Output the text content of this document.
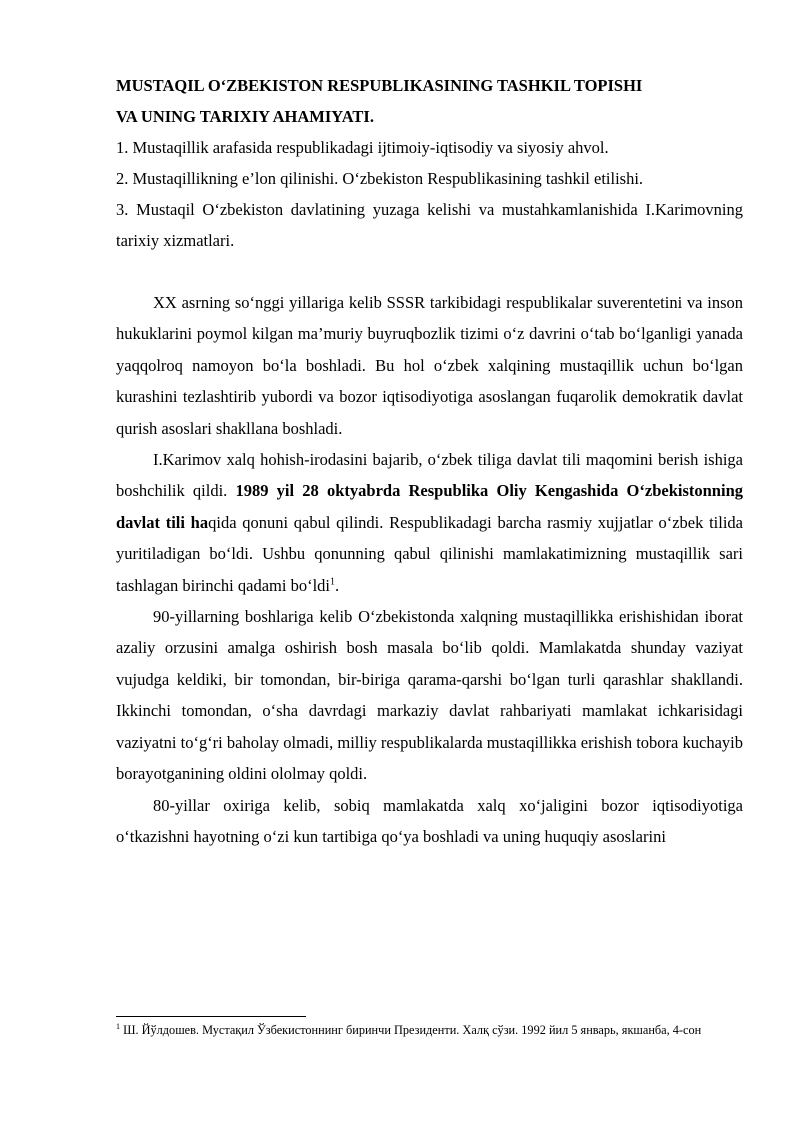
MUSTAQIL O‘ZBEKISTON RESPUBLIKASINING TASHKIL TOPISHI

VA UNING TARIXIY AHAMIYATI.

1. Mustaqillik arafasida respublikadagi ijtimoiy-iqtisodiy va siyosiy ahvol.

2. Mustaqillikning e’lon qilinishi. O‘zbekiston Respublikasining tashkil etilishi.

3. Mustaqil O‘zbekiston davlatining yuzaga kelishi va mustahkamlanishida I.Karimovning tarixiy xizmatlari.

XX asrning so‘nggi yillariga kelib SSSR tarkibidagi respublikalar suverentetini va inson hukuklarini poymol kilgan ma’muriy buyruqbozlik tizimi o‘z davrini o‘tab bo‘lganligi yanada yaqqolroq namoyon bo‘la boshladi. Bu hol o‘zbek xalqining mustaqillik uchun bo‘lgan kurashini tezlashtirib yubordi va bozor iqtisodiyotiga asoslangan fuqarolik demokratik davlat qurish asoslari shakllana boshladi.

I.Karimov xalq hohish-irodasini bajarib, o‘zbek tiliga davlat tili maqomini berish ishiga boshchilik qildi. 1989 yil 28 oktyabrda Respublika Oliy Kengashida O‘zbekistonning davlat tili haqida qonuni qabul qilindi. Respublikadagi barcha rasmiy xujjatlar o‘zbek tilida yuritiladigan bo‘ldi. Ushbu qonunning qabul qilinishi mamlakatimizning mustaqillik sari tashlagan birinchi qadami bo‘ldi$^1$.

90-yillarning boshlariga kelib O‘zbekistonda xalqning mustaqillikka erishishidan iborat azaliy orzusini amalga oshirish bosh masala bo‘lib qoldi. Mamlakatda shunday vaziyat vujudga keldiki, bir tomondan, bir-biriga qarama-qarshi bo‘lgan turli qarashlar shakllandi. Ikkinchi tomondan, o‘sha davrdagi markaziy davlat rahbariyati mamlakat ichkarisidagi vaziyatni to‘g‘ri baholay olmadi, milliy respublikalarda mustaqillikka erishish tobora kuchayib borayotganining oldini ololmay qoldi.

80-yillar oxiriga kelib, sobiq mamlakatda xalq xo‘jaligini bozor iqtisodiyotiga o‘tkazishni hayotning o‘zi kun tartibiga qo‘ya boshladi va uning huquqiy asoslarini

$^1$ Ш. Йўлдошев. Мустақил Ўзбекистоннинг биринчи Президенти. Халқ сўзи. 1992 йил 5 январь, якшанба, 4-сон
